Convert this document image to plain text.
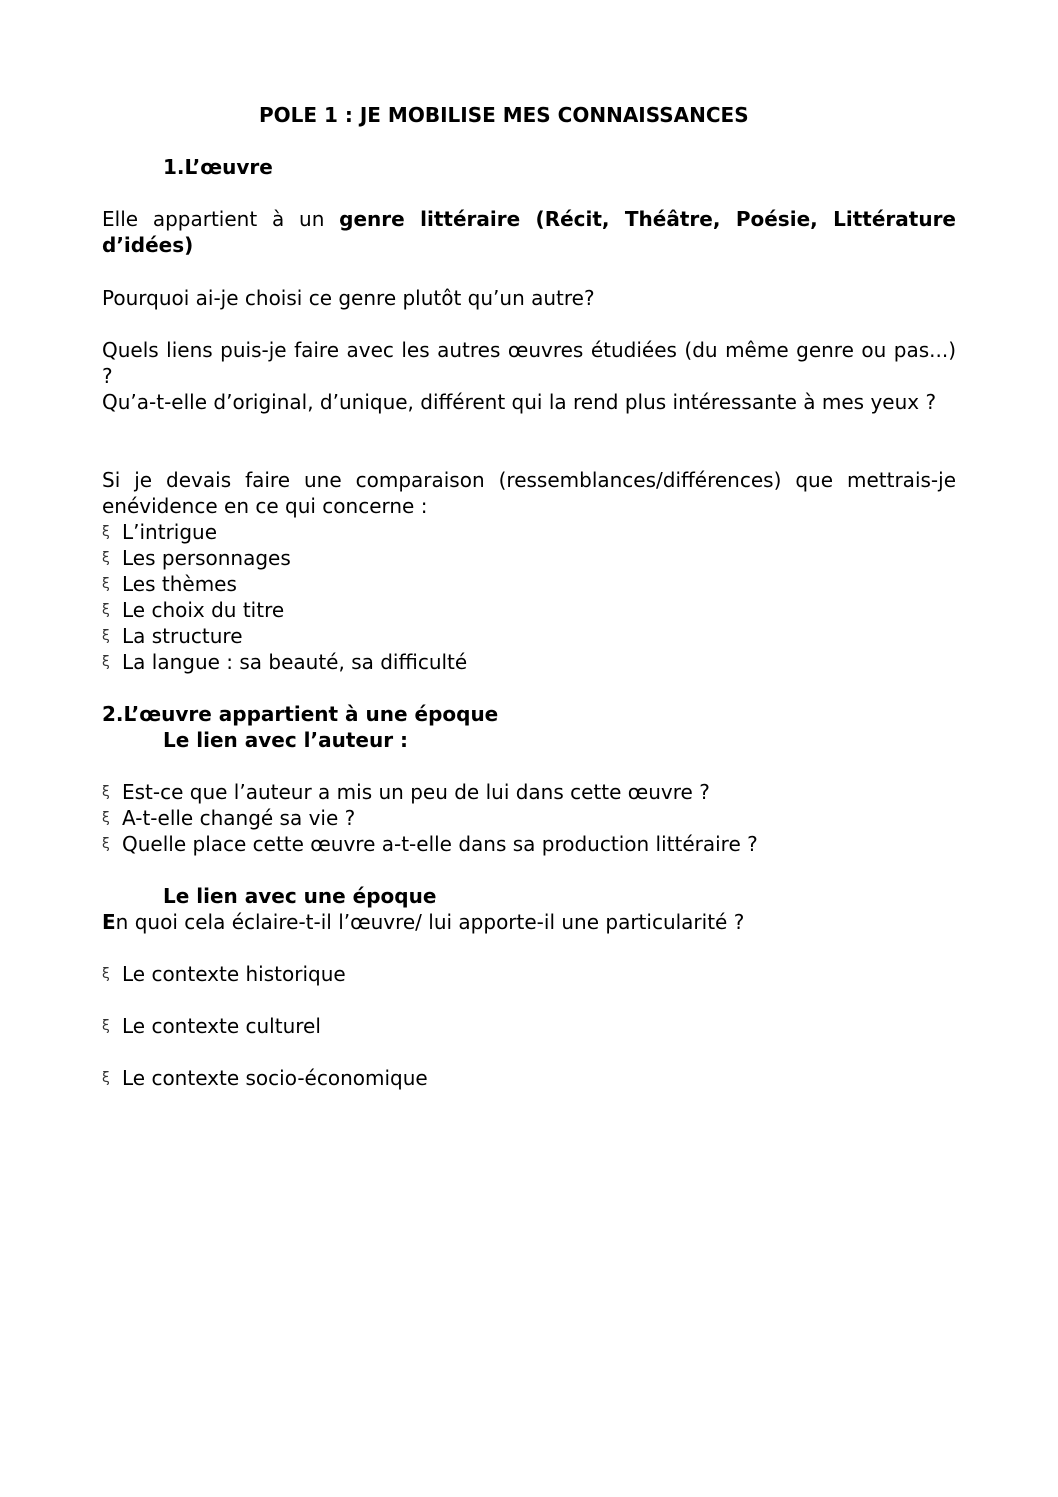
POLE 1 : JE MOBILISE MES CONNAISSANCES
1.L’œuvre
Elle appartient à un genre littéraire (Récit, Théâtre, Poésie, Littérature d’idées)
Pourquoi ai-je choisi ce genre plutôt qu’un autre?
Quels liens puis-je faire avec les autres œuvres étudiées (du même genre ou pas...) ?
Qu’a-t-elle d’original, d’unique, différent qui la rend plus intéressante à mes yeux ?
Si je devais faire une comparaison (ressemblances/différences) que mettrais-je enévidence en ce qui concerne :
ξ L’intrigue
ξ Les personnages
ξ Les thèmes
ξ Le choix du titre
ξ La structure
ξ La langue : sa beauté, sa difficulté
2.L’œuvre appartient à une époque
Le lien avec l’auteur :
ξ Est-ce que l’auteur a mis un peu de lui dans cette œuvre ?
ξ A-t-elle changé sa vie ?
ξ Quelle place cette œuvre a-t-elle dans sa production littéraire ?
Le lien avec une époque
En quoi cela éclaire-t-il l’œuvre/ lui apporte-il une particularité ?
ξ Le contexte historique
ξ Le contexte culturel
ξ Le contexte socio-économique
